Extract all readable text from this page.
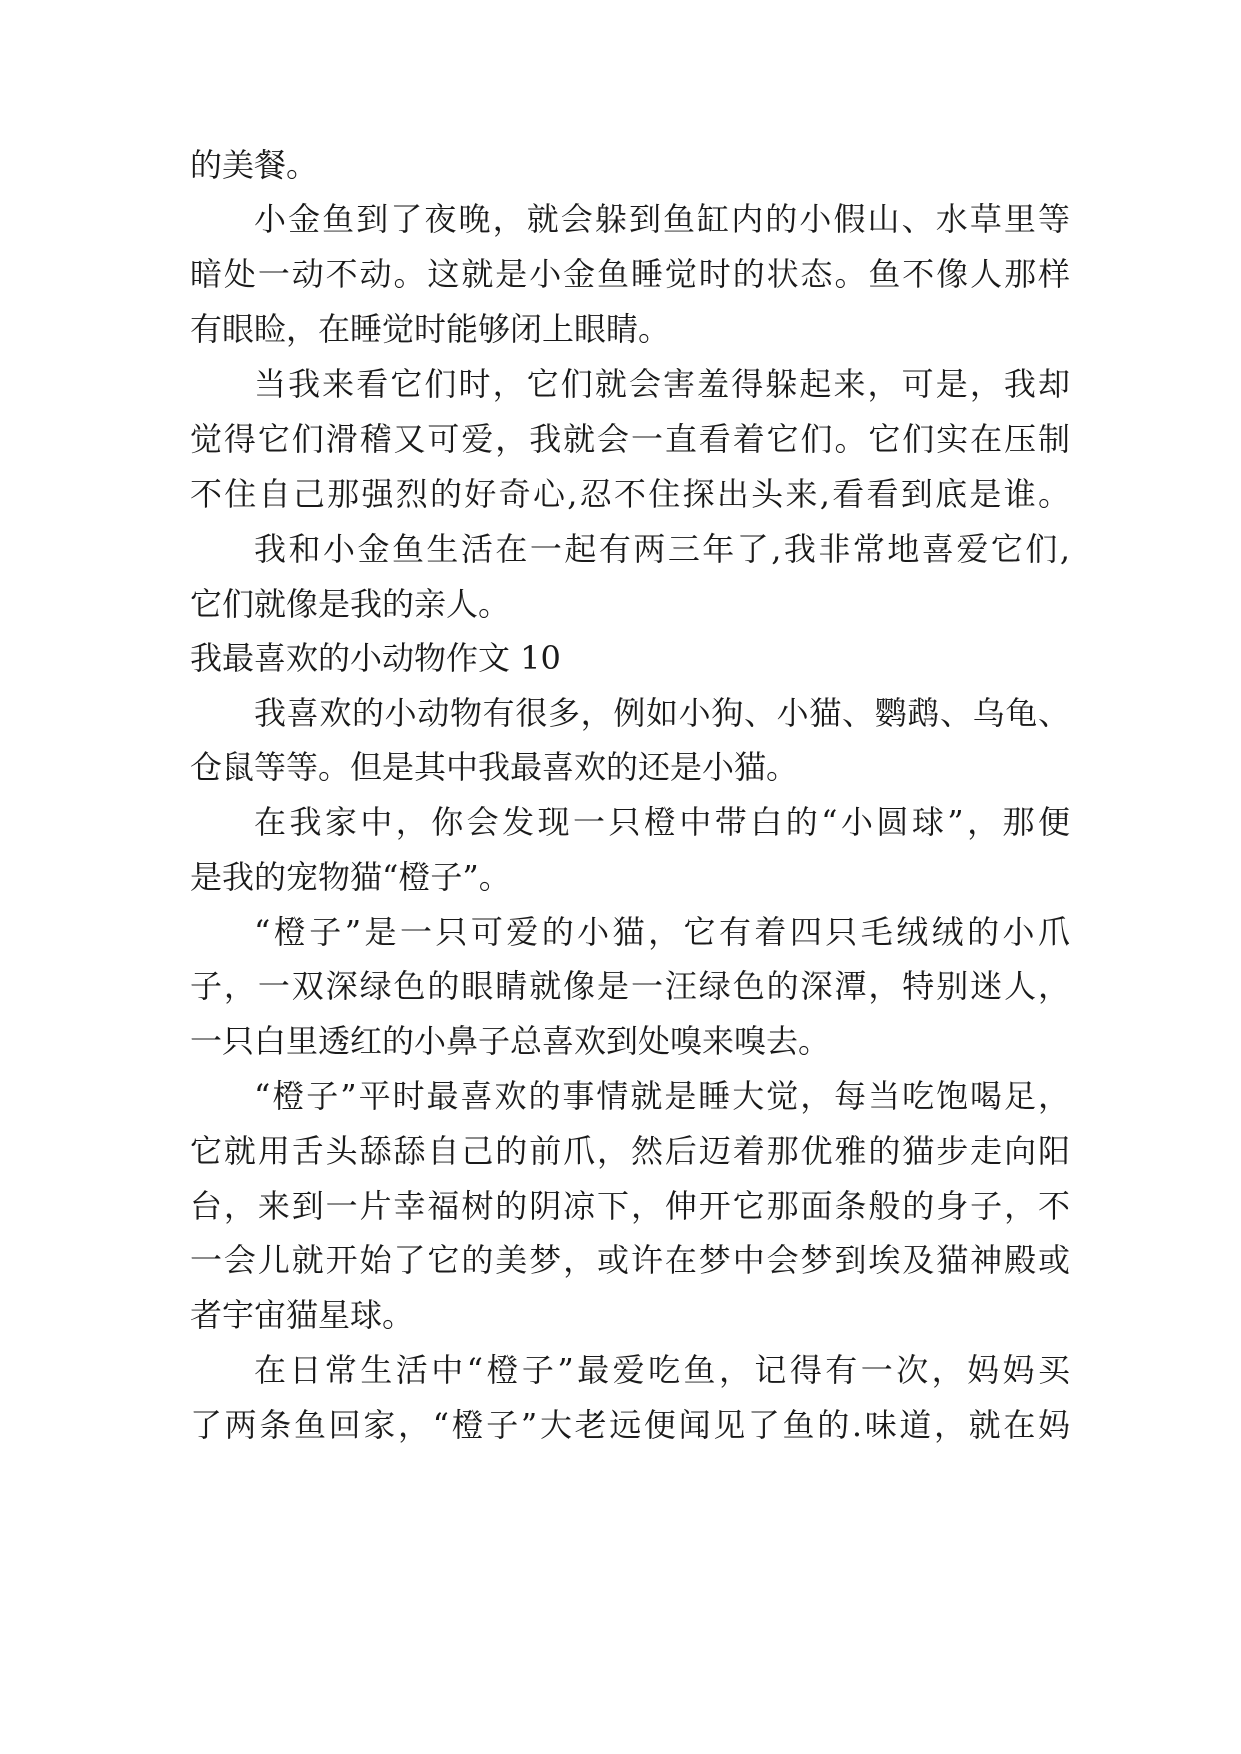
的美餐。
小金鱼到了夜晚，就会躲到鱼缸内的小假山、水草里等
暗处一动不动。这就是小金鱼睡觉时的状态。鱼不像人那样
有眼睑，在睡觉时能够闭上眼睛。
当我来看它们时，它们就会害羞得躲起来，可是，我却
觉得它们滑稽又可爱，我就会一直看着它们。它们实在压制
不住自己那强烈的好奇心,忍不住探出头来,看看到底是谁。
我和小金鱼生活在一起有两三年了,我非常地喜爱它们,
它们就像是我的亲人。
我最喜欢的小动物作文 10
我喜欢的小动物有很多，例如小狗、小猫、鹦鹉、乌龟、
仓鼠等等。但是其中我最喜欢的还是小猫。
在我家中，你会发现一只橙中带白的“小圆球”，那便
是我的宠物猫“橙子”。
“橙子”是一只可爱的小猫，它有着四只毛绒绒的小爪
子，一双深绿色的眼睛就像是一汪绿色的深潭，特别迷人，
一只白里透红的小鼻子总喜欢到处嗅来嗅去。
“橙子”平时最喜欢的事情就是睡大觉，每当吃饱喝足，
它就用舌头舔舔自己的前爪，然后迈着那优雅的猫步走向阳
台，来到一片幸福树的阴凉下，伸开它那面条般的身子，不
一会儿就开始了它的美梦，或许在梦中会梦到埃及猫神殿或
者宇宙猫星球。
在日常生活中“橙子”最爱吃鱼，记得有一次，妈妈买
了两条鱼回家，“橙子”大老远便闻见了鱼的.味道，就在妈
